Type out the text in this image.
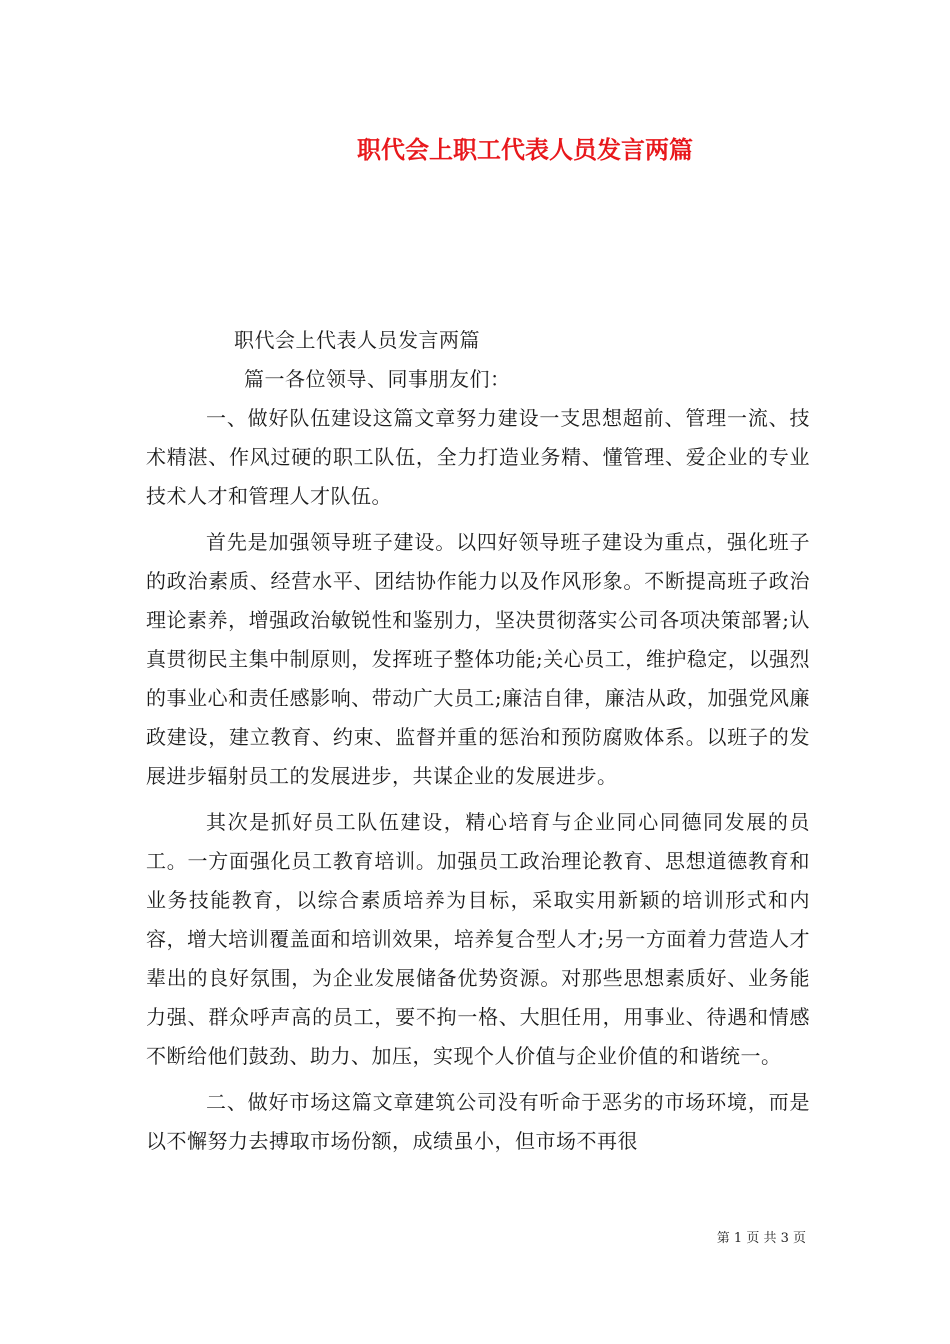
职代会上职工代表人员发言两篇

职代会上代表人员发言两篇

篇一各位领导、同事朋友们：

一、做好队伍建设这篇文章努力建设一支思想超前、管理一流、技术精湛、作风过硬的职工队伍，全力打造业务精、懂管理、爱企业的专业技术人才和管理人才队伍。

首先是加强领导班子建设。以四好领导班子建设为重点，强化班子的政治素质、经营水平、团结协作能力以及作风形象。不断提高班子政治理论素养，增强政治敏锐性和鉴别力，坚决贯彻落实公司各项决策部署;认真贯彻民主集中制原则，发挥班子整体功能;关心员工，维护稳定，以强烈的事业心和责任感影响、带动广大员工;廉洁自律，廉洁从政，加强党风廉政建设，建立教育、约束、监督并重的惩治和预防腐败体系。以班子的发展进步辐射员工的发展进步，共谋企业的发展进步。

其次是抓好员工队伍建设，精心培育与企业同心同德同发展的员工。一方面强化员工教育培训。加强员工政治理论教育、思想道德教育和业务技能教育，以综合素质培养为目标，采取实用新颖的培训形式和内容，增大培训覆盖面和培训效果，培养复合型人才;另一方面着力营造人才辈出的良好氛围，为企业发展储备优势资源。对那些思想素质好、业务能力强、群众呼声高的员工，要不拘一格、大胆任用，用事业、待遇和情感不断给他们鼓劲、助力、加压，实现个人价值与企业价值的和谐统一。

二、做好市场这篇文章建筑公司没有听命于恶劣的市场环境，而是以不懈努力去搏取市场份额，成绩虽小，但市场不再很

第 1 页 共 3 页
